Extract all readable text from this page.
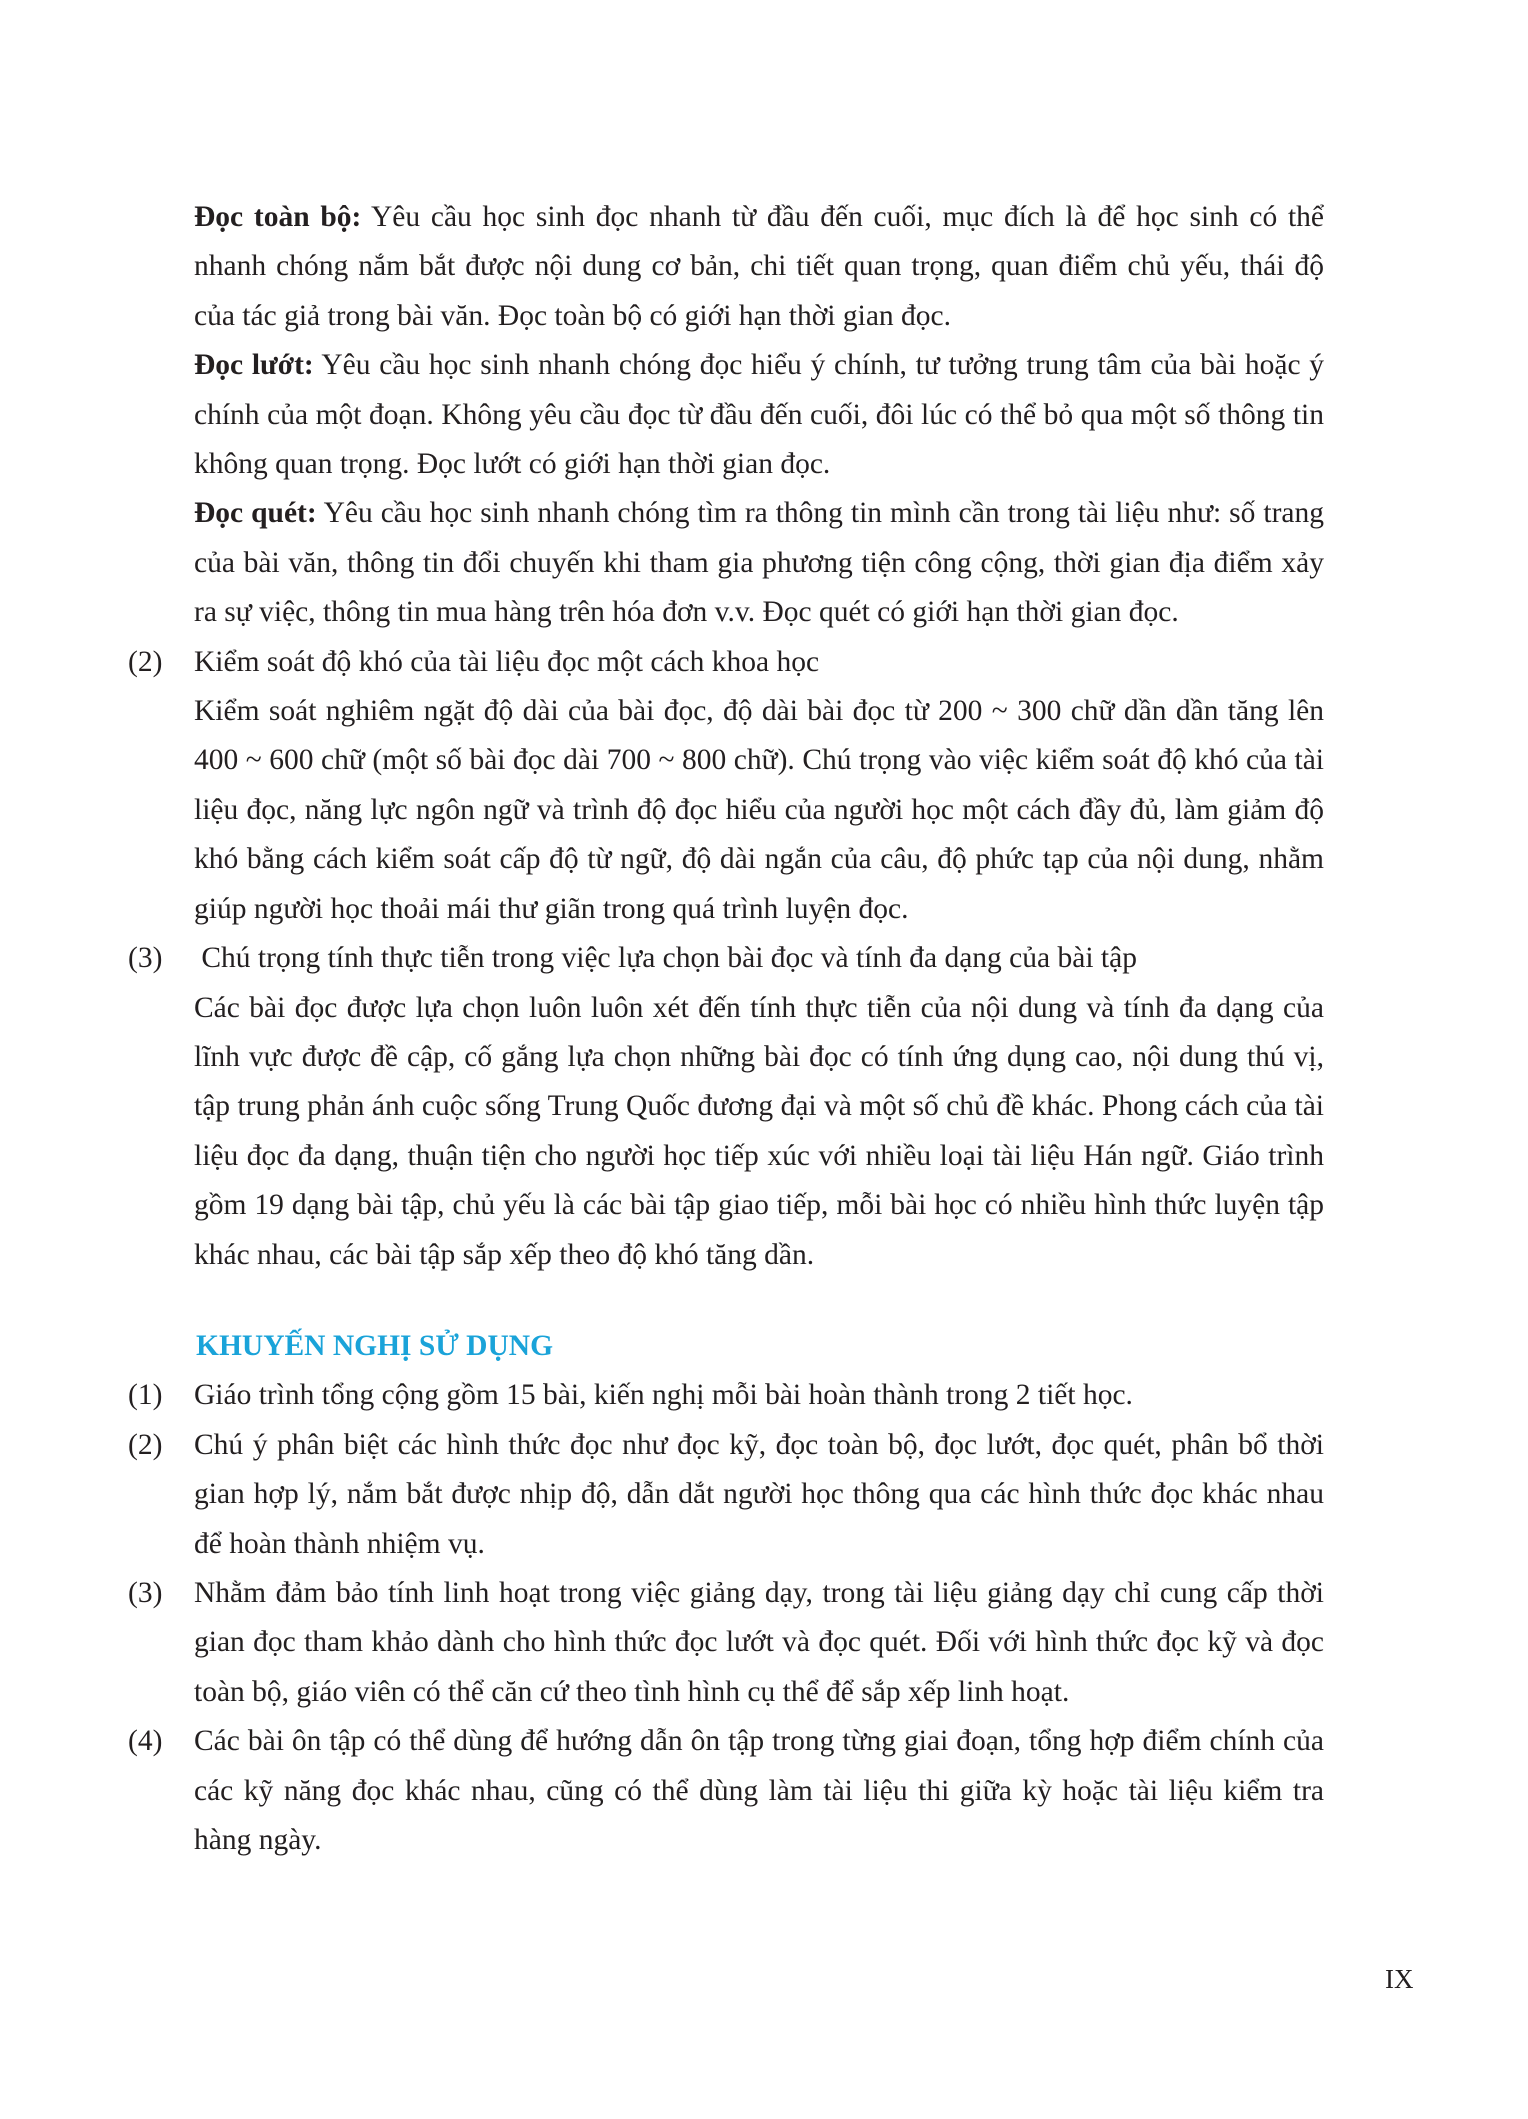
Đọc toàn bộ: Yêu cầu học sinh đọc nhanh từ đầu đến cuối, mục đích là để học sinh có thể nhanh chóng nắm bắt được nội dung cơ bản, chi tiết quan trọng, quan điểm chủ yếu, thái độ của tác giả trong bài văn. Đọc toàn bộ có giới hạn thời gian đọc.

Đọc lướt: Yêu cầu học sinh nhanh chóng đọc hiểu ý chính, tư tưởng trung tâm của bài hoặc ý chính của một đoạn. Không yêu cầu đọc từ đầu đến cuối, đôi lúc có thể bỏ qua một số thông tin không quan trọng. Đọc lướt có giới hạn thời gian đọc.

Đọc quét: Yêu cầu học sinh nhanh chóng tìm ra thông tin mình cần trong tài liệu như: số trang của bài văn, thông tin đổi chuyến khi tham gia phương tiện công cộng, thời gian địa điểm xảy ra sự việc, thông tin mua hàng trên hóa đơn v.v. Đọc quét có giới hạn thời gian đọc.

(2) Kiểm soát độ khó của tài liệu đọc một cách khoa học
Kiểm soát nghiêm ngặt độ dài của bài đọc, độ dài bài đọc từ 200 ~ 300 chữ dần dần tăng lên 400 ~ 600 chữ (một số bài đọc dài 700 ~ 800 chữ). Chú trọng vào việc kiểm soát độ khó của tài liệu đọc, năng lực ngôn ngữ và trình độ đọc hiểu của người học một cách đầy đủ, làm giảm độ khó bằng cách kiểm soát cấp độ từ ngữ, độ dài ngắn của câu, độ phức tạp của nội dung, nhằm giúp người học thoải mái thư giãn trong quá trình luyện đọc.
(3) Chú trọng tính thực tiễn trong việc lựa chọn bài đọc và tính đa dạng của bài tập
Các bài đọc được lựa chọn luôn luôn xét đến tính thực tiễn của nội dung và tính đa dạng của lĩnh vực được đề cập, cố gắng lựa chọn những bài đọc có tính ứng dụng cao, nội dung thú vị, tập trung phản ánh cuộc sống Trung Quốc đương đại và một số chủ đề khác. Phong cách của tài liệu đọc đa dạng, thuận tiện cho người học tiếp xúc với nhiều loại tài liệu Hán ngữ. Giáo trình gồm 19 dạng bài tập, chủ yếu là các bài tập giao tiếp, mỗi bài học có nhiều hình thức luyện tập khác nhau, các bài tập sắp xếp theo độ khó tăng dần.
KHUYẾN NGHỊ SỬ DỤNG
(1) Giáo trình tổng cộng gồm 15 bài, kiến nghị mỗi bài hoàn thành trong 2 tiết học.
(2) Chú ý phân biệt các hình thức đọc như đọc kỹ, đọc toàn bộ, đọc lướt, đọc quét, phân bổ thời gian hợp lý, nắm bắt được nhịp độ, dẫn dắt người học thông qua các hình thức đọc khác nhau để hoàn thành nhiệm vụ.
(3) Nhằm đảm bảo tính linh hoạt trong việc giảng dạy, trong tài liệu giảng dạy chỉ cung cấp thời gian đọc tham khảo dành cho hình thức đọc lướt và đọc quét. Đối với hình thức đọc kỹ và đọc toàn bộ, giáo viên có thể căn cứ theo tình hình cụ thể để sắp xếp linh hoạt.
(4) Các bài ôn tập có thể dùng để hướng dẫn ôn tập trong từng giai đoạn, tổng hợp điểm chính của các kỹ năng đọc khác nhau, cũng có thể dùng làm tài liệu thi giữa kỳ hoặc tài liệu kiểm tra hàng ngày.
IX
